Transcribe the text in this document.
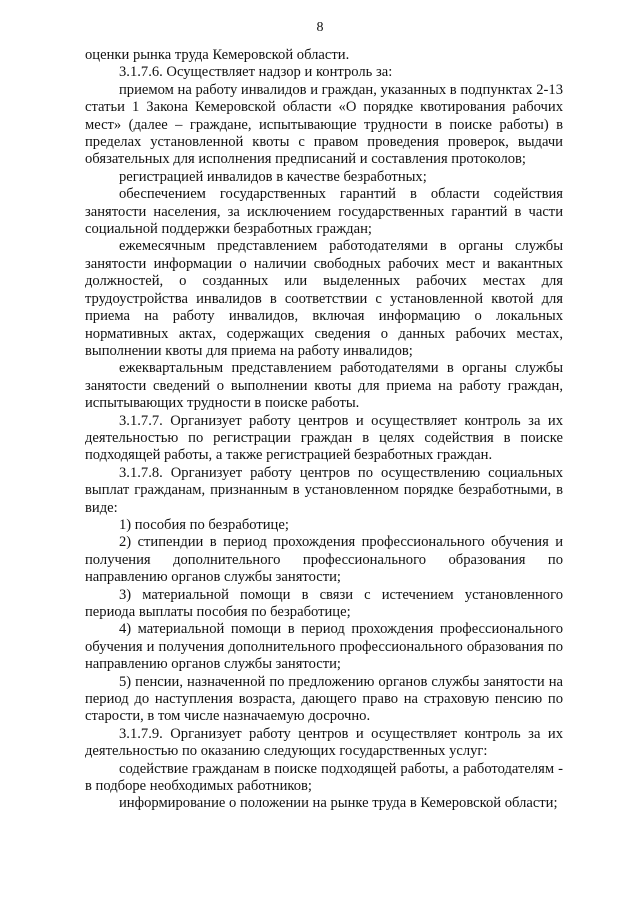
8

оценки рынка труда Кемеровской области.

3.1.7.6. Осуществляет надзор и контроль за:

приемом на работу инвалидов и граждан, указанных в подпунктах 2-13 статьи 1 Закона Кемеровской области «О порядке квотирования рабочих мест» (далее – граждане, испытывающие трудности в поиске работы) в пределах установленной квоты с правом проведения проверок, выдачи обязательных для исполнения предписаний и составления протоколов;

регистрацией инвалидов в качестве безработных;

обеспечением государственных гарантий в области содействия занятости населения, за исключением государственных гарантий в части социальной поддержки безработных граждан;

ежемесячным представлением работодателями в органы службы занятости информации о наличии свободных рабочих мест и вакантных должностей, о созданных или выделенных рабочих местах для трудоустройства инвалидов в соответствии с установленной квотой для приема на работу инвалидов, включая информацию о локальных нормативных актах, содержащих сведения о данных рабочих местах, выполнении квоты для приема на работу инвалидов;

ежеквартальным представлением работодателями в органы службы занятости сведений о выполнении квоты для приема на работу граждан, испытывающих трудности в поиске работы.

3.1.7.7. Организует работу центров и осуществляет контроль за их деятельностью по регистрации граждан в целях содействия в поиске подходящей работы, а также регистрацией безработных граждан.

3.1.7.8. Организует работу центров по осуществлению социальных выплат гражданам, признанным в установленном порядке безработными, в виде:

1) пособия по безработице;

2) стипендии в период прохождения профессионального обучения и получения дополнительного профессионального образования по направлению органов службы занятости;

3) материальной помощи в связи с истечением установленного периода выплаты пособия по безработице;

4) материальной помощи в период прохождения профессионального обучения и получения дополнительного профессионального образования по направлению органов службы занятости;

5) пенсии, назначенной по предложению органов службы занятости на период до наступления возраста, дающего право на страховую пенсию по старости, в том числе назначаемую досрочно.

3.1.7.9. Организует работу центров и осуществляет контроль за их деятельностью по оказанию следующих государственных услуг:

содействие гражданам в поиске подходящей работы, а работодателям - в подборе необходимых работников;

информирование о положении на рынке труда в Кемеровской области;
